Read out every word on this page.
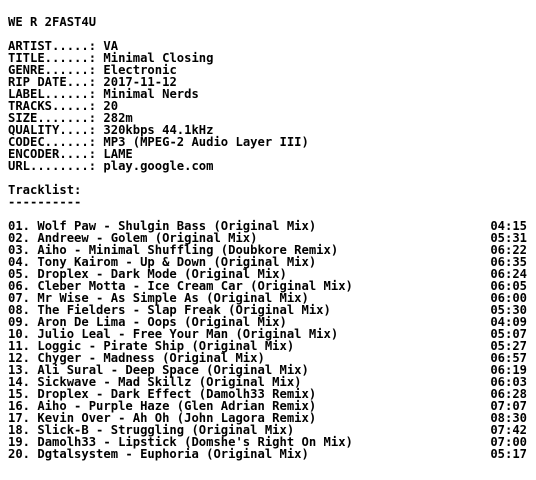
WE R 2FAST4U
ARTIST.....: VA
TITLE......: Minimal Closing
GENRE......: Electronic
RIP DATE...: 2017-11-12
LABEL......: Minimal Nerds
TRACKS.....: 20
SIZE.......: 282m
QUALITY....: 320kbps 44.1kHz
CODEC......: MP3 (MPEG-2 Audio Layer III)
ENCODER....: LAME
URL........: play.google.com
Tracklist:
----------
01. Wolf Paw - Shulgin Bass (Original Mix)	04:15
02. Andreew - Golem (Original Mix)	05:31
03. Aiho - Minimal Shuffling (Doubkore Remix)	06:22
04. Tony Kairom - Up & Down (Original Mix)	06:35
05. Droplex - Dark Mode (Original Mix)	06:24
06. Cleber Motta - Ice Cream Car (Original Mix)	06:05
07. Mr Wise - As Simple As (Original Mix)	06:00
08. The Fielders - Slap Freak (Original Mix)	05:30
09. Aron De Lima - Oops (Original Mix)	04:09
10. Julio Leal - Free Your Man (Original Mix)	05:07
11. Loggic - Pirate Ship (Original Mix)	05:27
12. Chyger - Madness (Original Mix)	06:57
13. Ali Sural - Deep Space (Original Mix)	06:19
14. Sickwave - Mad Skillz (Original Mix)	06:03
15. Droplex - Dark Effect (Damolh33 Remix)	06:28
16. Aiho - Purple Haze (Glen Adrian Remix)	07:07
17. Kevin Over - Ah Oh (John Lagora Remix)	08:30
18. Slick-B - Struggling (Original Mix)	07:42
19. Damolh33 - Lipstick (Domshe's Right On Mix)	07:00
20. Dgtalsystem - Euphoria (Original Mix)	05:17
